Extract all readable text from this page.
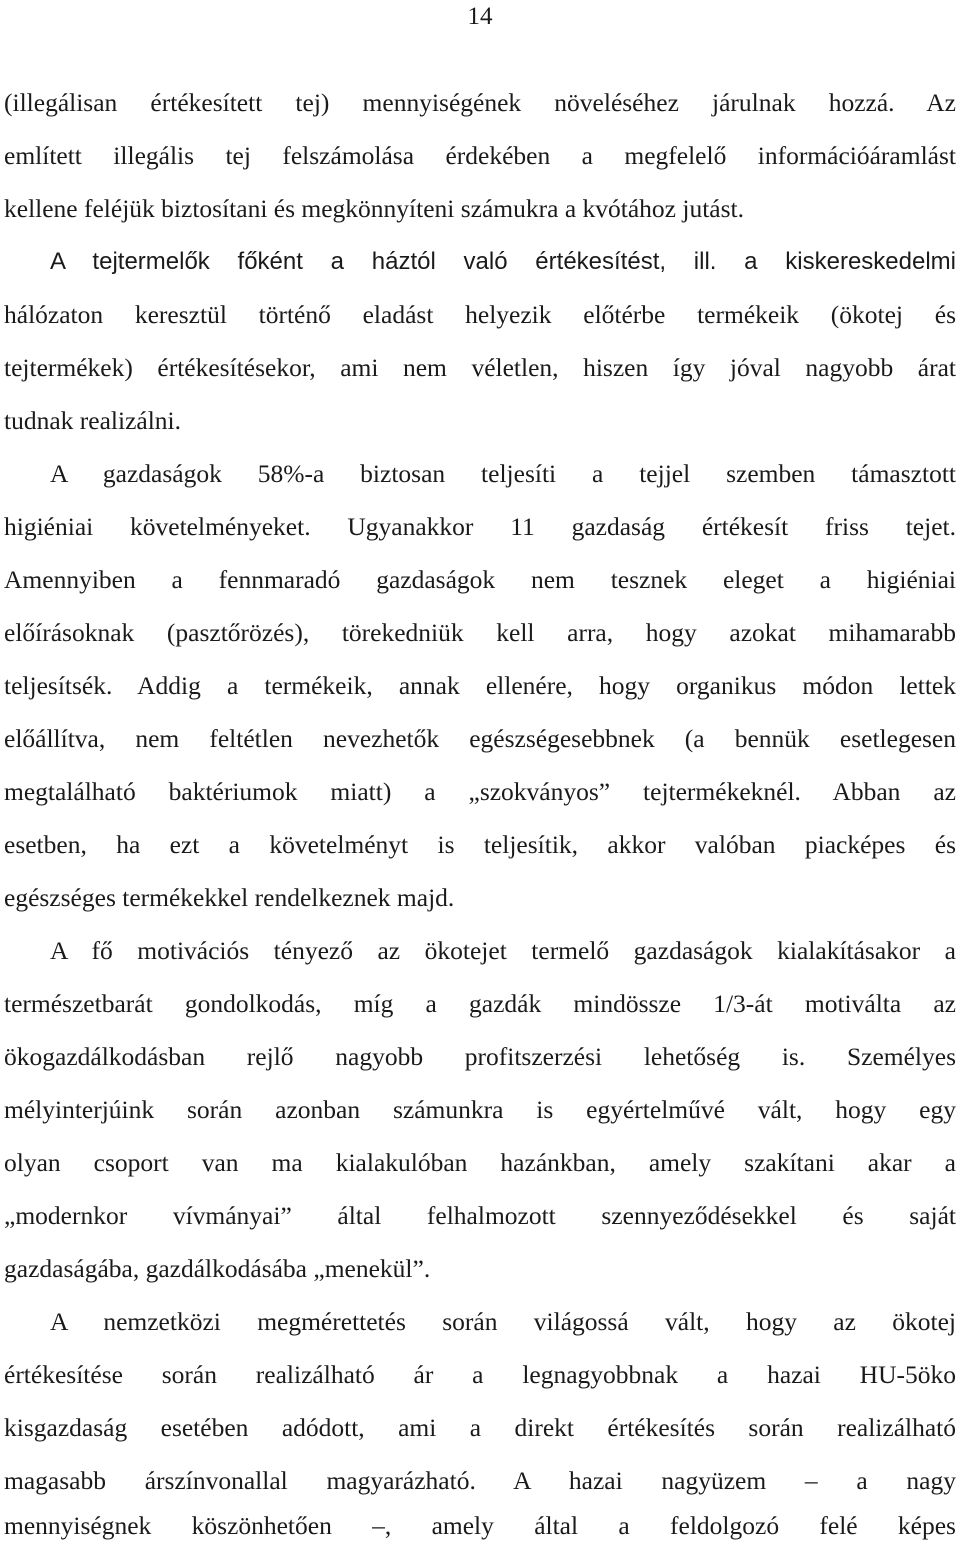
14
(illegálisan értékesített tej) mennyiségének növeléséhez járulnak hozzá. Az
említett illegális tej felszámolása érdekében a megfelelő információáramlást
kellene feléjük biztosítani és megkönnyíteni számukra a kvótához jutást.
A tejtermelők főként a háztól való értékesítést, ill. a kiskereskedelmi
hálózaton keresztül történő eladást helyezik előtérbe termékeik (ökotej és
tejtermékek) értékesítésekor, ami nem véletlen, hiszen így jóval nagyobb árat
tudnak realizálni.
A gazdaságok 58%-a biztosan teljesíti a tejjel szemben támasztott
higiéniai követelményeket. Ugyanakkor 11 gazdaság értékesít friss tejet.
Amennyiben a fennmaradó gazdaságok nem tesznek eleget a higiéniai
előírásoknak (pasztőrözés), törekedniük kell arra, hogy azokat mihamarabb
teljesítsék. Addig a termékeik, annak ellenére, hogy organikus módon lettek
előállítva, nem feltétlen nevezhetők egészségesebbnek (a bennük esetlegesen
megtalálható baktériumok miatt) a „szokványos” tejtermékeknél. Abban az
esetben, ha ezt a követelményt is teljesítik, akkor valóban piacképes és
egészséges termékekkel rendelkeznek majd.
A fő motivációs tényező az ökotejet termelő gazdaságok kialakításakor a
természetbarát gondolkodás, míg a gazdák mindössze 1/3-át motiválta az
ökogazdálkodásban rejlő nagyobb profitszerzési lehetőség is. Személyes
mélyinterjúink során azonban számunkra is egyértelművé vált, hogy egy
olyan csoport van ma kialakulóban hazánkban, amely szakítani akar a
„modernkor vívmányai” által felhalmozott szennyeződésekkel és saját
gazdaságába, gazdálkodásába „menekül”.
A nemzetközi megmérettetés során világossá vált, hogy az ökotej
értékesítése során realizálható ár a legnagyobbnak a hazai HU-5öko
kisgazdaság esetében adódott, ami a direkt értékesítés során realizálható
magasabb árszínvonallal magyarázható. A hazai nagyüzem – a nagy
mennyiségnek köszönhetően –, amely által a feldolgozó felé képes
